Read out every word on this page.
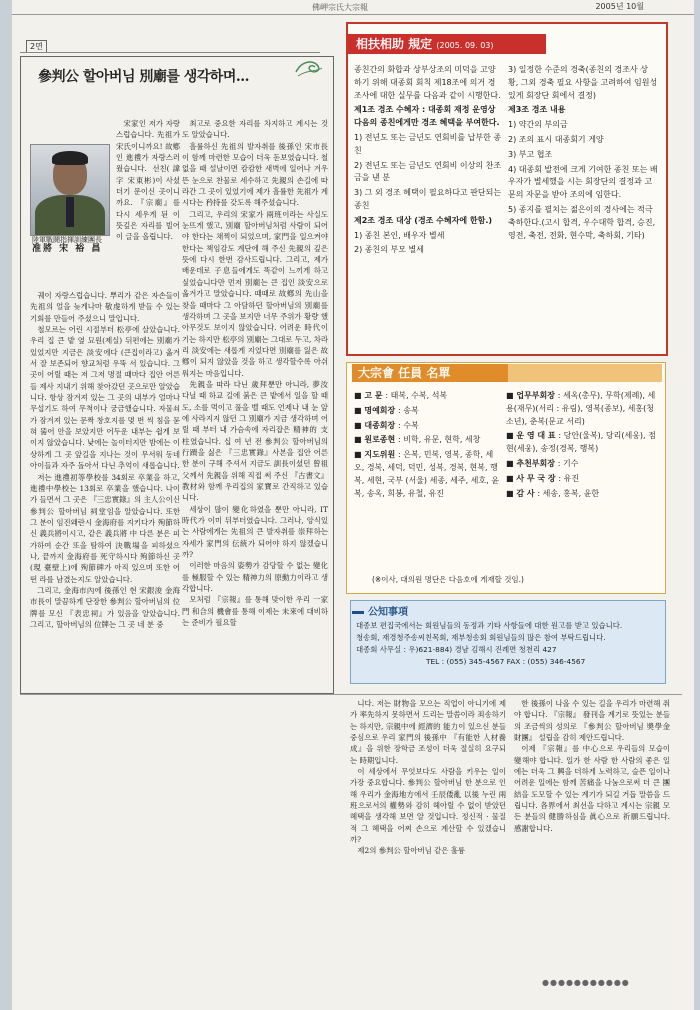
佛岬宗氏大宗報	2005년 10월
2면
參判公 할아버님 別廟를 생각하며...
陸軍戰鬪指揮訓練團長
准將 宋 裕 昌

宋家인 저가 자랑스럽습니다. 先祖가 宋氏이니까요! 故鄕인 進禮가 자랑스러웠습니다. 선친(諱字 宋東彬)이 사셨더기 문이신 곳이니까요. 『宗廟』를 다시 세우게 된 이 뜻깊은 자리를 빌어 이 글을 올립니다.

궤이 자랑스럽습니다. 뿌리가 같은 자손들이 先祖의 얼을 늦게나마 敬虔하게 받들 수 있는 기회를 만들어 주셨으니 말입니다.

철모르는 어린 시절부터 松亭에 살았습니다. 우리 집 큰 밭 옆 묘원(제실) 뒤편에는 別廟가 있었지만 지금은 淡安에다 (큰집이라고) 옮겨서 잘 보존되어 향교처럼 우뚝 서 있습니다. 그 곳이 어릴 때는 저 그저 명절 때마다 집안 어른들 제사 지내기 위해 찾아갔던 곳으로만 알았습니다. 항상 잠겨져 있는 그 곳의 내부가 얼마나 무섭기도 하여 무척이나 궁금했습니다. 자물쇠가 잠겨져 있는 문짝 창호지를 몇 번 씩 침을 묻혀 뚫어 안을 보았지만 어두운 내부는 쉽게 보이지 않았습니다. 낮에는 놀이터지만 밤에는 이상하게 그 곳 앞길을 지나는 것이 무서워 동네 아이들과 자주 돌아서 다닌 추억이 새롭습니다.

저는 進禮初等學校를 34회로 卒業을 하고, 進禮中學校는 13회로 卒業을 했습니다. 나이가 들면서 그 곳은 『三忠實錄』의 主人公이신 參判公 할아버님 祠堂임을 알았습니다. 또한 그 분이 임진왜란시 金海府를 지키다가 殉節하신 義兵將이시고, 같은 義兵將 中 다른 분은 피가하여 순간 또을 탐하여 決戰場을 피하셨으나, 끝까지 金海府를 死守하시다 殉節하신 곳(現 臺壁上)에 殉節碑가 아직 있으며 또한 어떤 라를 남겼는지도 알았습니다.

그리고, 金海市內에 後孫인 현 宋銀浚 金海市長이 말끔하게 단장한 參判公 할아버님의 位牌를 모신 『表忠祠』가 있음을 알았습니다. 그리고, 할아버님의 位牌는 그 곳 네 분 중

최고로 중요한 자리를 차지하고 계시는 것도 알았습니다.

흘률하신 先祖의 발자취를 後孫인 宋市長이 함께 마련한 모습이 더욱 돋보였습니다. 철없을 때 설날이면 캄캄한 새벽에 일어나 겨우 뜬 눈으로 찬물로 세수하고 先親의 손길에 따라간 그 곳이 있었기에 제가 흘률한 先祖가 계시다는 矜持를 갖도록 해주셨습니다.

그리고, 우리의 宋家가 兩班이라는 사실도 눈뜨게 했고, 別廟 할아버님처럼 사람이 되어야 한다는 채찍이 되었으며, 家門을 일으켜야 한다는 책임감도 계단에 해 주신 先親의 깊은 뜻에 다시 한번 감사드립니다. 그리고, 제가 배운데로 子息들에게도 똑같이 느끼게 하고 싶었습니다만 먼저 別廟는 큰 집인 淡安으로 옮겨가고 말았습니다. 때때로 故鄕의 先山을 찾을 때마다 그 아담하던 할아버님의 別廟를 생각하며 그 곳을 보지만 너무 주위가 황량 했 아무것도 보이지 않았습니다. 어려운 時代이기는 하지만 松亭의 別廟는 그대로 두고, 차라리 淡安에는 새롭게 지었다면 別廟를 잃은 故鄕이 되지 않았을 것을 하고 생각할수록 아쉬워지는 마음입니다.

先親을 따라 다닌 歲拜뿐만 아니라, 夢汝 다닐 때 하교 길에 붉은 큰 밭에서 일을 할 때도, 소를 먹이고 풀을 벨 때도 언제나 내 눈 앞에 사라지지 않던 그 別廟가 지금 생각하며 어릴 때 부터 내 가슴속에 자리잡은 精神的 支柱였습니다. 십 여 년 전 參判公 할아버님의 行蹟을 싫은 『三忠實錄』사본을 집안 어른 한 분이 구해 주셔서 지금도 訓長이셨던 曾祖父께서 先親을 위해 직접 써 주신 『古書文』教材와 함께 우리집의 家寶로 간직하고 있습니다.

세상이 많이 變化하였을 뿐만 아니라, IT 時代가 이미 뒤부터였습니다. 그러나, 앙식있는 사람에게는 先祖의 큰 발자취를 崇拜하는 자세가 家門의 伝統가 되어야 하지 않겠습니까?

이러한 마음의 姿勢가 감당할 수 없는 變化를 極服할 수 있는 精神力의 原動力이라고 생각합니다.

모처럼 『宗報』를 통해 맞이한 우리 一家門 和合의 機會를 통해 이제는 未來에 대비하는 준비가 필요할

니다. 저는 財物을 모으는 직업이 아니기에 제가 率先하지 못하면서 드리는 말씀이라 죄송하기는 하지만, 宗親中에 經濟的 能力이 있으신 분들 중심으로 우리 家門의 後孫中 『有能한 人材養成』을 위한 장학금 조성이 더욱 절실히 요구되는 時期입니다.

이 세상에서 무엇보다도 사람을 키우는 일이 가장 중요합니다. 參判公 할아버님 한 분으로 인해 우리가 金海地方에서 壬辰倭亂 以後 누린 兩班으로서의 權勢와 감히 헤아릴 수 없이 받았던 혜택을 생각해 보면 알 것입니다. 정신적 · 물질적 그 혜택을 어찌 손으로 계산할 수 있겠습니까?

제2의 參判公 할아버님 같은 훌륭

한 後孫이 나올 수 있는 길을 우리가 마련해 줘야 합니다. 『宗報』 發刊을 계기로 뜻있는 분들의 조금씩의 성의로 『參判公 할아버님 奬學金 財團』 설립을 감히 제안드립니다.

이제 『宗報』를 中心으로 우리들의 모습이 變해야 합니다. 일가 한 사람 한 사람의 좋은 일에는 더욱 그 興을 더하게 노력하고, 슬픈 일이나 어려운 일에는 함께 苦痛을 나눔으로써 더 큰 團結을 도모할 수 있는 계기가 되길 거듭 말씀을 드립니다. 各界에서 최선을 다하고 계시는 宗親 모든 분들의 健勝하심을 眞心으로 祈願드립니다. 感謝합니다.

●●●●●●●●●●●
相扶相助 規定 (2005. 09. 03)
종친간의 화합과 상부상조의 미덕을 고양하기 위해 대종회 회칙 제18조에 의거 경조사에 대한 실무를 다음과 같이 시행한다.
제1조 경조 수혜자 : 대종회 재정 운영상 다음의 종친에게만 경조 혜택을 부여한다.
1) 전년도 또는 금년도 연회비를 납부한 종친
2) 전년도 또는 금년도 연회비 이상의 찬조금을 낸 분
3) 그 외 경조 혜택이 필요하다고 판단되는 종친
제2조 경조 대상 (경조 수혜자에 한함.)
1) 종친 본인, 배우자 별세
2) 종친의 부모 별세
3) 일정한 수준의 경축(종친의 경조사 상황, 그외 경축 필요 사항을 고려하여 임원성 있게 회장단 회에서 결정)
제3조 경조 내용
1) 약간의 부의금
2) 조의 표시 대종회기 게양
3) 부고 협조
4) 대종회 발전에 크게 기여한 종친 또는 배우자가 별세했을 시는 회장단의 결정과 고문의 자문을 받아 조의에 임한다.
5) 종지를 펼치는 젊은이의 경사에는 적극 축하한다.(고시 합격, 우수대학 합격, 승진, 영전, 축전, 전화, 현수막, 축하회, 기타)
大宗會 任員 名單
■ 고 문 : 태복, 수복, 석복
■ 명예회장 : 송복
■ 대종회장 : 수복
■ 원로종현 : 비학, 유문, 현학, 세창
■ 지도위원 : 은복, 민복, 영복, 종학, 세오, 경복, 세덕, 덕민, 성복, 경복, 현복, 행복, 세현, 국부 (서울) 세종, 세주, 세호, 윤복, 송옥, 희봉, 유철, 유진
■ 업무부회장 : 세옥(총무), 무학(제례), 세용(재무)(서리 : 유림), 영복(종보), 세홍(청소년), 춘복(문교 서리)
■ 운 영 대 표 : 당안(울복), 당리(세웅), 점현(세웅), 송정(경복, 행복)
■ 추천부회장 : 기수
■ 사 무 국 장 : 유진
■ 감 사 : 세송, 홍복, 윤한
(※이사, 대의원 명단은 다음호에 게재할 것임.)
公知事項
대종보 편집국에서는 회원님들의 동정과 기타 사항들에 대한 원고를 받고 있습니다.
청송회, 재경청주송씨친목회, 재부청송회 회원님들의 많은 참여 부탁드립니다.
대종회 사무실 : 우)621-884) 경남 김해시 진례면 청천리 427
TEL : (055) 345-4567 FAX : (055) 346-4567
